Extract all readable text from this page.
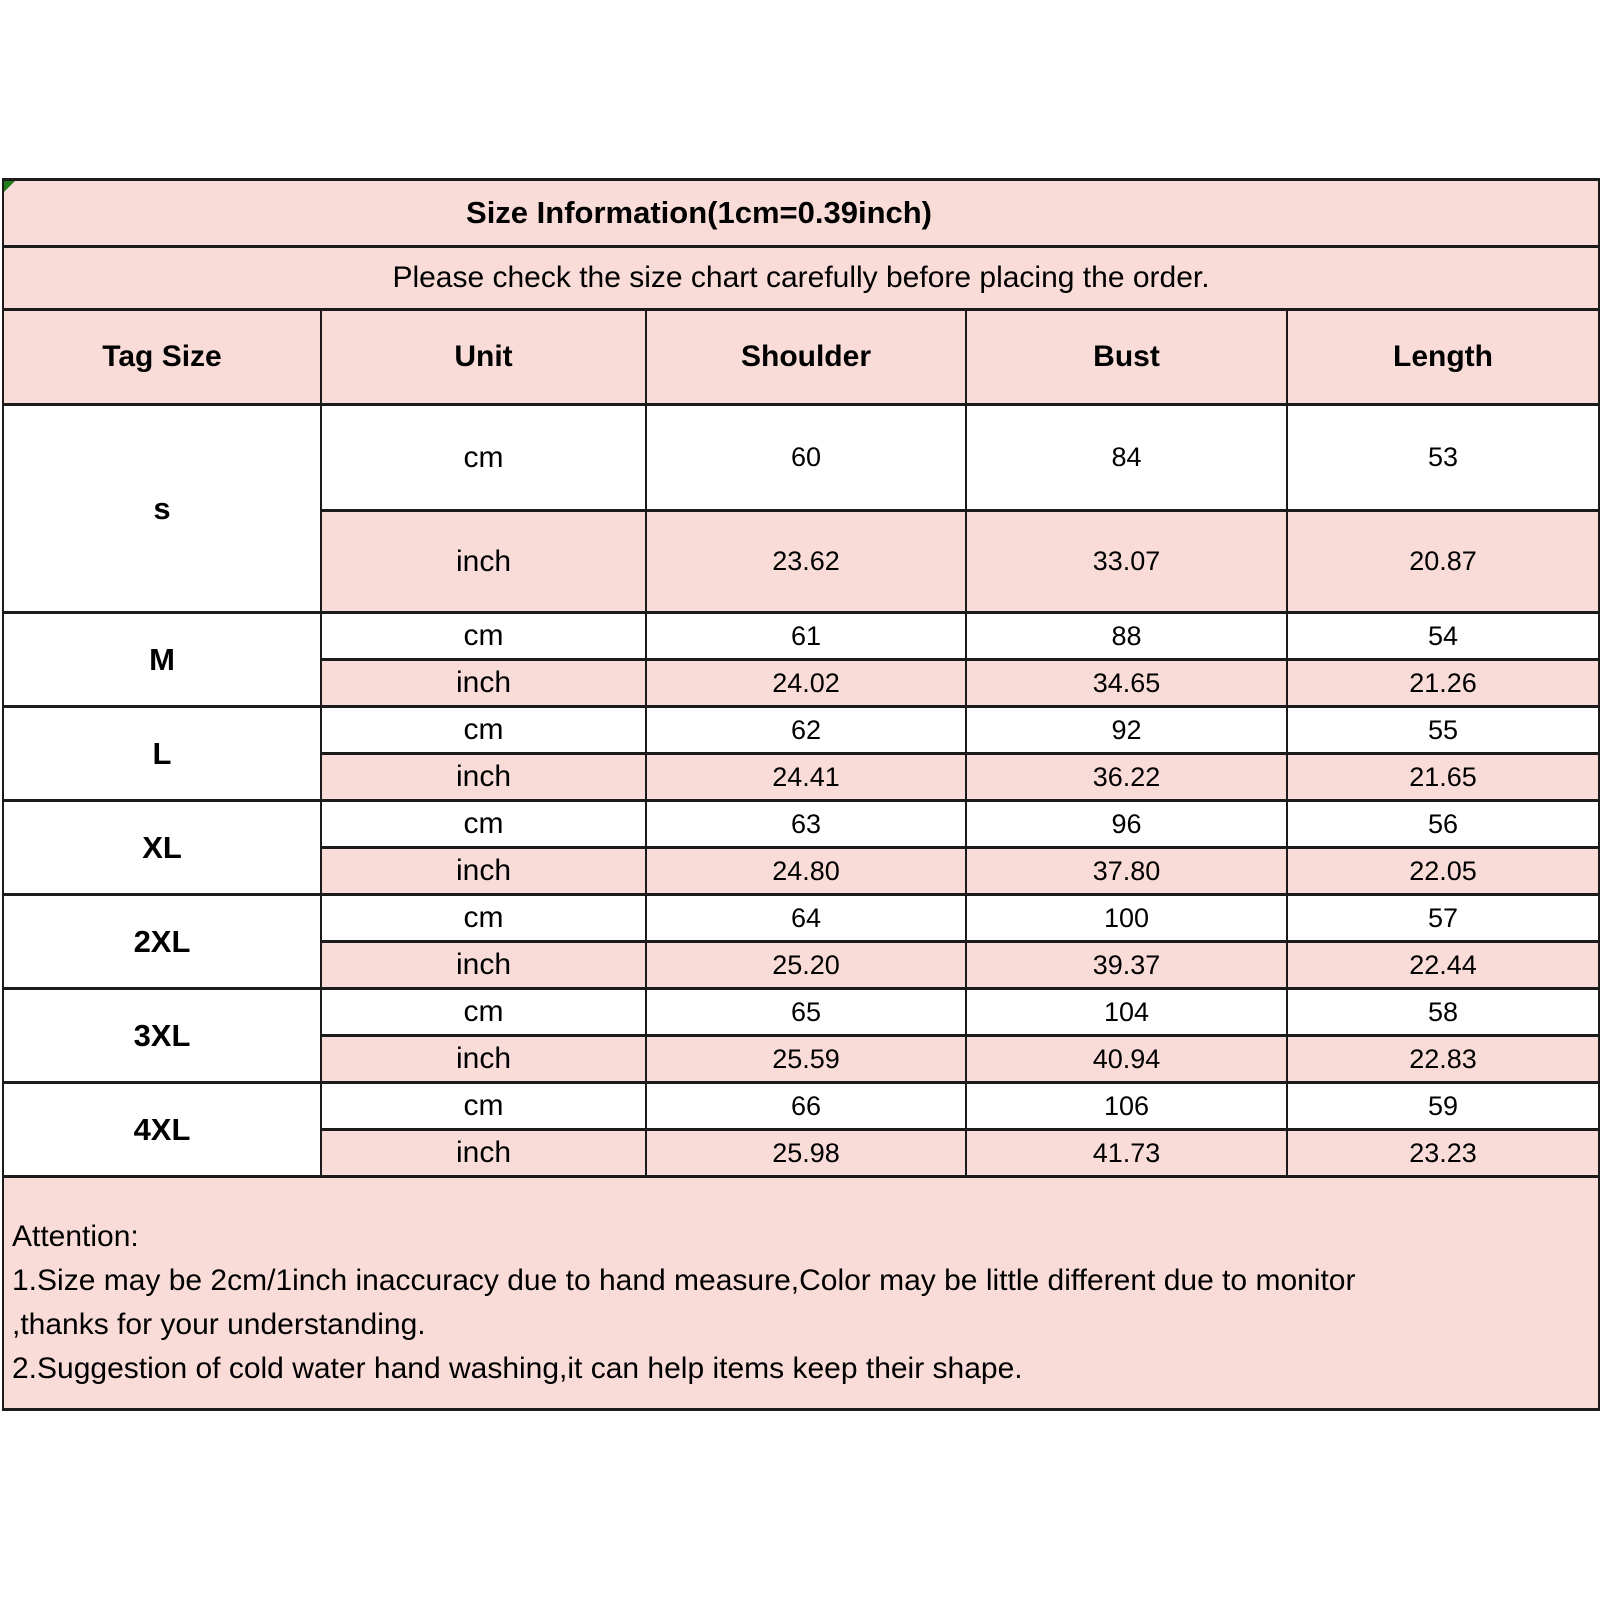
Size Information(1cm=0.39inch)				
Please check the size chart carefully before placing the order.				
Tag Size	Unit	Shoulder	Bust	Length
s	cm	60	84	53
	inch	23.62	33.07	20.87
M	cm	61	88	54
	inch	24.02	34.65	21.26
L	cm	62	92	55
	inch	24.41	36.22	21.65
XL	cm	63	96	56
	inch	24.80	37.80	22.05
2XL	cm	64	100	57
	inch	25.20	39.37	22.44
3XL	cm	65	104	58
	inch	25.59	40.94	22.83
4XL	cm	66	106	59
	inch	25.98	41.73	23.23

Attention:
1.Size may be 2cm/1inch inaccuracy due to hand measure,Color may be little different due to monitor
,thanks for your understanding.
2.Suggestion of cold water hand washing,it can help items keep their shape.				
